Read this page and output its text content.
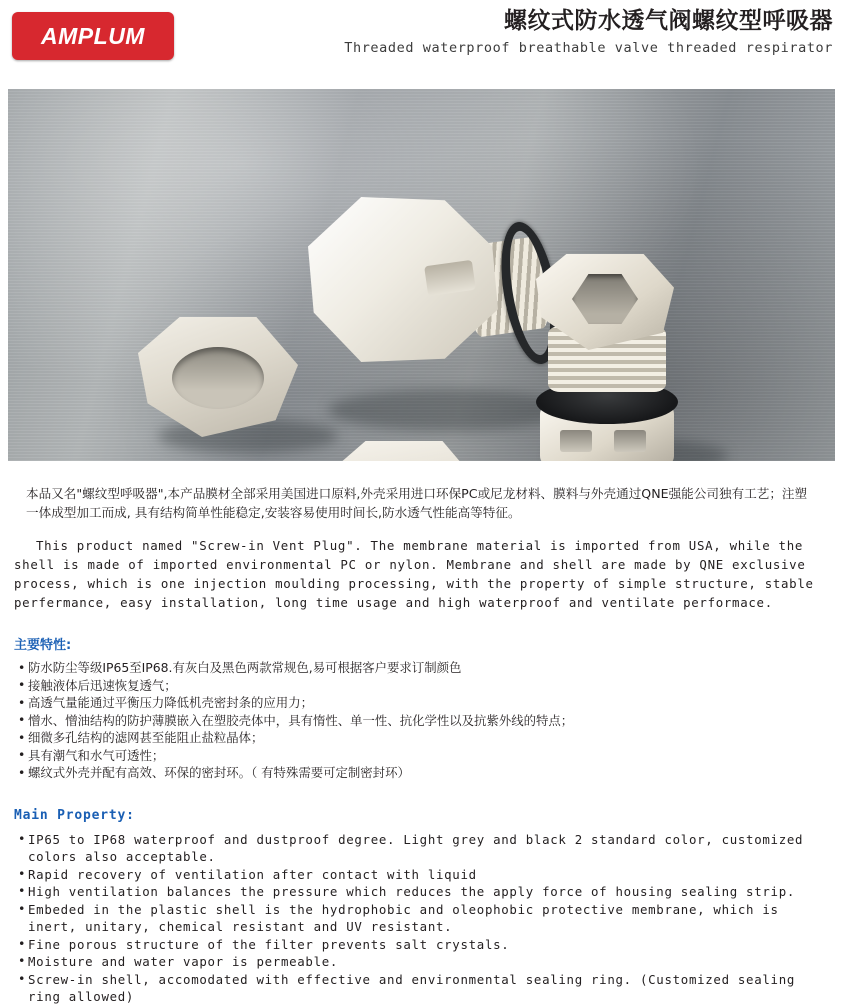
AMPLUM
螺纹式防水透气阀螺纹型呼吸器
Threaded waterproof breathable valve threaded respirator

本品又名"螺纹型呼吸器",本产品膜材全部采用美国进口原料,外壳采用进口环保PC或尼龙材料、膜料与外壳通过QNE强能公司独有工艺；注塑一体成型加工而成, 具有结构简单性能稳定,安装容易使用时间长,防水透气性能高等特征。

This product named "Screw-in Vent Plug". The membrane material is imported from USA, while the shell is made of imported environmental PC or nylon. Membrane and shell are made by QNE exclusive process, which is one injection moulding processing, with the property of simple structure, stable perfermance, easy installation, long time usage and high waterproof and ventilate performace.

主要特性:
• 防水防尘等级IP65至IP68.有灰白及黑色两款常规色,易可根据客户要求订制颜色
• 接触液体后迅速恢复透气；
• 高透气量能通过平衡压力降低机壳密封条的应用力；
• 憎水、憎油结构的防护薄膜嵌入在塑胶壳体中，具有惰性、单一性、抗化学性以及抗紫外线的特点；
• 细微多孔结构的滤网甚至能阻止盐粒晶体；
• 具有潮气和水气可透性；
• 螺纹式外壳并配有高效、环保的密封环。（ 有特殊需要可定制密封环）
Main Property:
• IP65 to IP68 waterproof and dustproof degree. Light grey and black 2 standard color, customized colors also acceptable.
• Rapid recovery of ventilation after contact with liquid
• High ventilation balances the pressure which reduces the apply force of housing sealing strip.
• Embeded in the plastic shell is the hydrophobic and oleophobic protective membrane, which is inert, unitary, chemical resistant and UV resistant.
• Fine porous structure of the filter prevents salt crystals.
• Moisture and water vapor is permeable.
• Screw-in shell, accomodated with effective and environmental sealing ring. (Customized sealing ring allowed)
